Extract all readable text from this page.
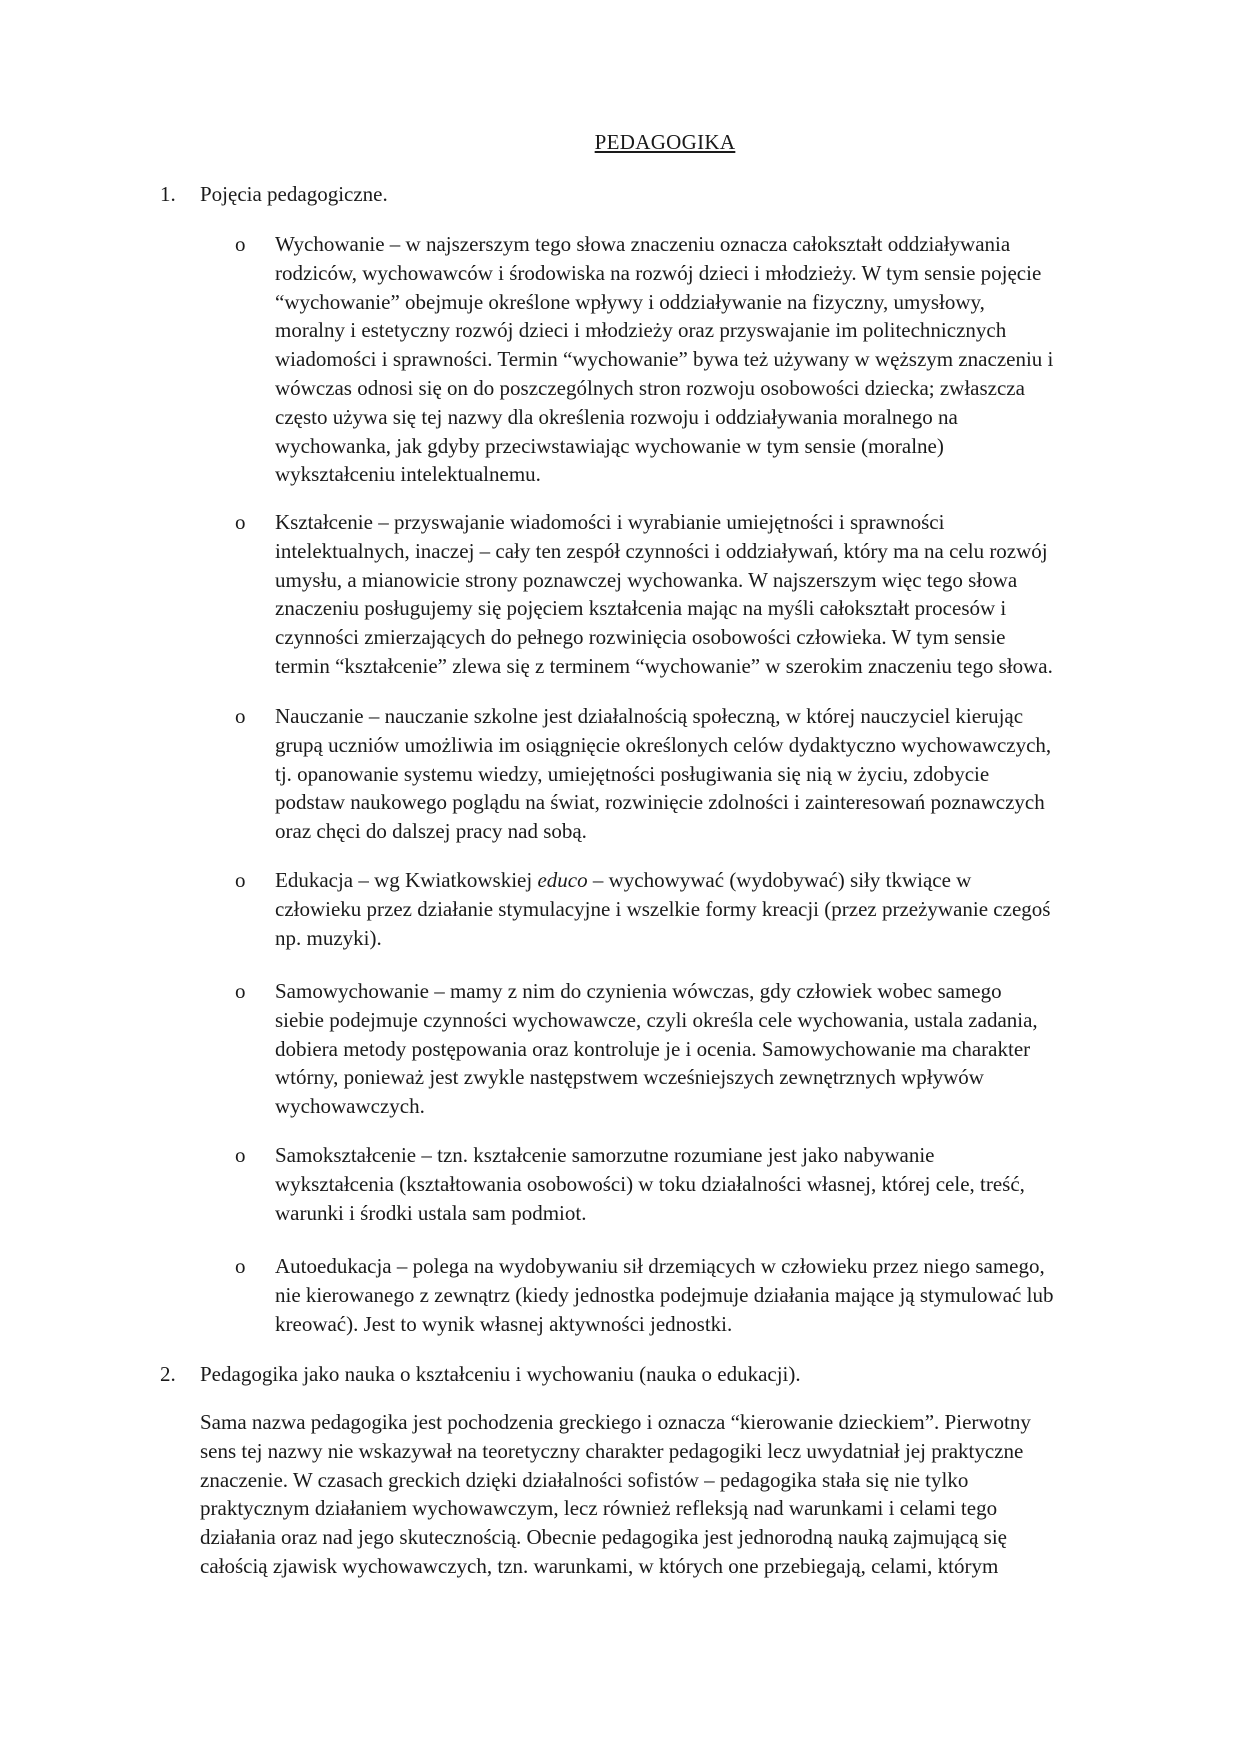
PEDAGOGIKA
1. Pojęcia pedagogiczne.
o Wychowanie – w najszerszym tego słowa znaczeniu oznacza całokształt oddziaływania
rodziców, wychowawców i środowiska na rozwój dzieci i młodzieży. W tym sensie pojęcie
“wychowanie” obejmuje określone wpływy i oddziaływanie na fizyczny, umysłowy,
moralny i estetyczny rozwój dzieci i młodzieży oraz przyswajanie im politechnicznych
wiadomości i sprawności. Termin “wychowanie” bywa też używany w węższym znaczeniu i
wówczas odnosi się on do poszczególnych stron rozwoju osobowości dziecka; zwłaszcza
często używa się tej nazwy dla określenia rozwoju i oddziaływania moralnego na
wychowanka, jak gdyby przeciwstawiając wychowanie w tym sensie (moralne)
wykształceniu intelektualnemu.
o Kształcenie – przyswajanie wiadomości i wyrabianie umiejętności i sprawności
intelektualnych, inaczej – cały ten zespół czynności i oddziaływań, który ma na celu rozwój
umysłu, a mianowicie strony poznawczej wychowanka. W najszerszym więc tego słowa
znaczeniu posługujemy się pojęciem kształcenia mając na myśli całokształt procesów i
czynności zmierzających do pełnego rozwinięcia osobowości człowieka. W tym sensie
termin “kształcenie” zlewa się z terminem “wychowanie” w szerokim znaczeniu tego słowa.
o Nauczanie – nauczanie szkolne jest działalnością społeczną, w której nauczyciel kierując
grupą uczniów umożliwia im osiągnięcie określonych celów dydaktyczno wychowawczych,
tj. opanowanie systemu wiedzy, umiejętności posługiwania się nią w życiu, zdobycie
podstaw naukowego poglądu na świat, rozwinięcie zdolności i zainteresowań poznawczych
oraz chęci do dalszej pracy nad sobą.
o Edukacja – wg Kwiatkowskiej educo – wychowywać (wydobywać) siły tkwiące w
człowieku przez działanie stymulacyjne i wszelkie formy kreacji (przez przeżywanie czegoś
np. muzyki).
o Samowychowanie – mamy z nim do czynienia wówczas, gdy człowiek wobec samego
siebie podejmuje czynności wychowawcze, czyli określa cele wychowania, ustala zadania,
dobiera metody postępowania oraz kontroluje je i ocenia. Samowychowanie ma charakter
wtórny, ponieważ jest zwykle następstwem wcześniejszych zewnętrznych wpływów
wychowawczych.
o Samokształcenie – tzn. kształcenie samorzutne rozumiane jest jako nabywanie
wykształcenia (kształtowania osobowości) w toku działalności własnej, której cele, treść,
warunki i środki ustala sam podmiot.
o Autoedukacja – polega na wydobywaniu sił drzemiących w człowieku przez niego samego,
nie kierowanego z zewnątrz (kiedy jednostka podejmuje działania mające ją stymulować lub
kreować). Jest to wynik własnej aktywności jednostki.
2. Pedagogika jako nauka o kształceniu i wychowaniu (nauka o edukacji).
Sama nazwa pedagogika jest pochodzenia greckiego i oznacza “kierowanie dzieckiem”. Pierwotny
sens tej nazwy nie wskazywał na teoretyczny charakter pedagogiki lecz uwydatniał jej praktyczne
znaczenie. W czasach greckich dzięki działalności sofistów – pedagogika stała się nie tylko
praktycznym działaniem wychowawczym, lecz również refleksją nad warunkami i celami tego
działania oraz nad jego skutecznością. Obecnie pedagogika jest jednorodną nauką zajmującą się
całością zjawisk wychowawczych, tzn. warunkami, w których one przebiegają, celami, którym
